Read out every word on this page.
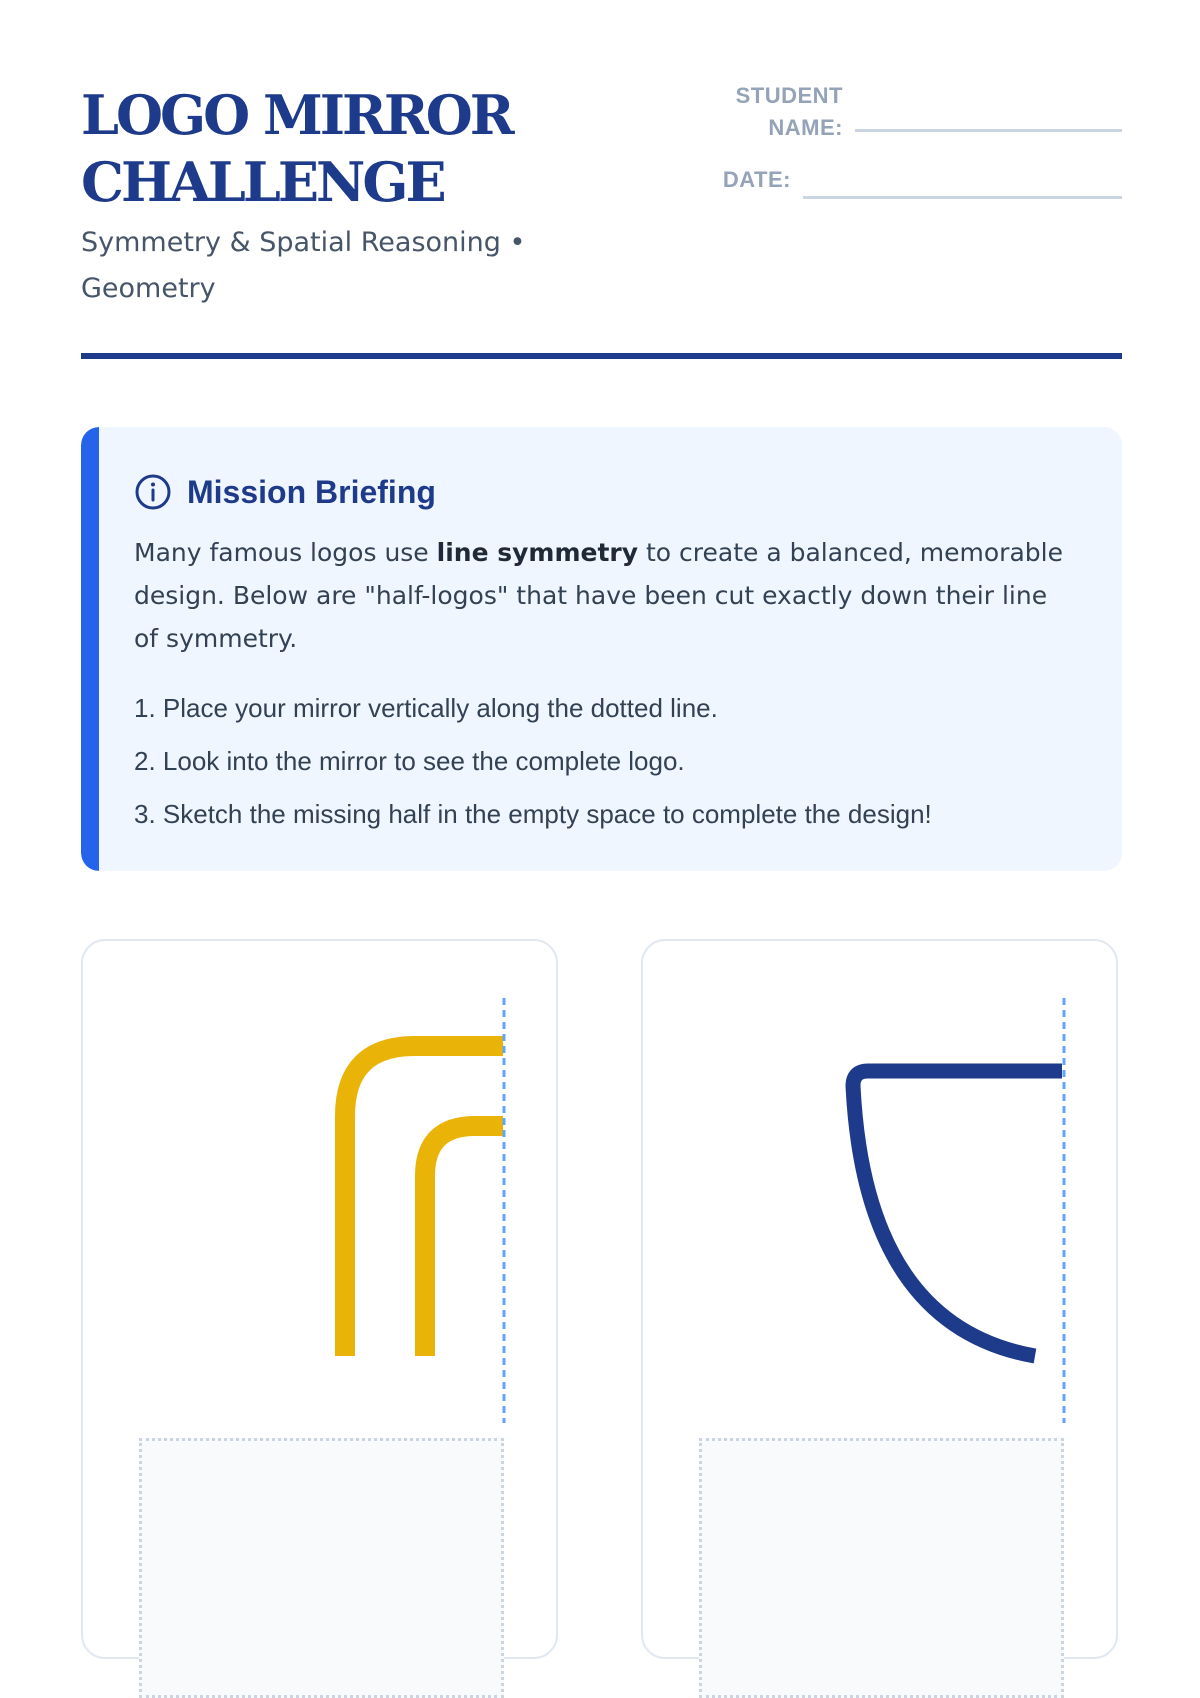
LOGO MIRROR CHALLENGE

Symmetry & Spatial Reasoning • Geometry

STUDENT NAME:
DATE:
Mission Briefing

Many famous logos use line symmetry to create a balanced, memorable design. Below are "half-logos" that have been cut exactly down their line of symmetry.

1. Place your mirror vertically along the dotted line.
2. Look into the mirror to see the complete logo.
3. Sketch the missing half in the empty space to complete the design!
